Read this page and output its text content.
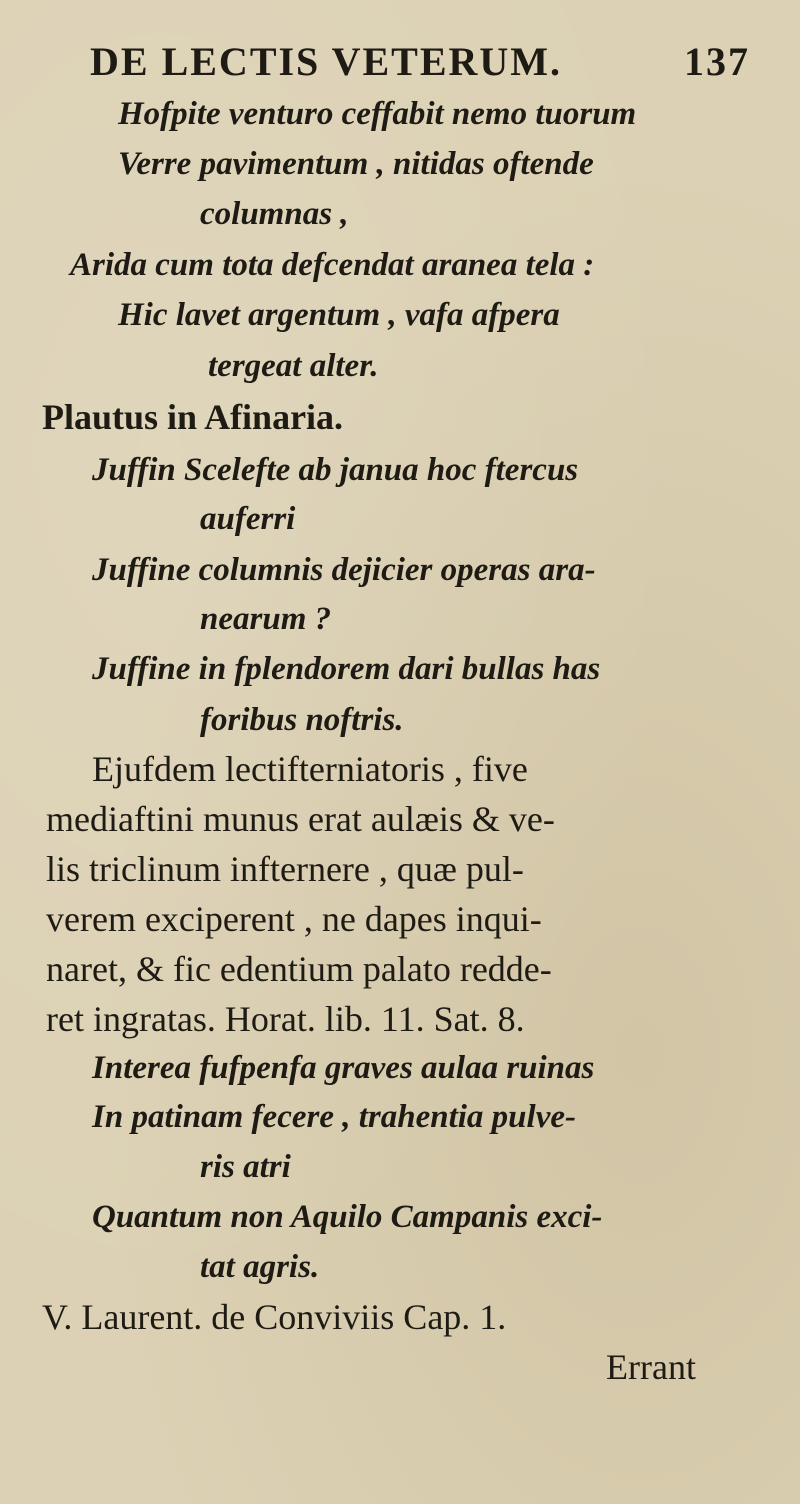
DE LECTIS VETERUM.	137
Hofpite venturo ceffabit nemo tuorum
Verre pavimentum , nitidas oftende
columnas ,
Arida cum tota defcendat aranea tela :
Hic lavet argentum , vafa afpera
tergeat alter.
Plautus in Afinaria.
Juffin Scelefte ab janua hoc ftercus
auferri
Juffine columnis dejicier operas ara-
nearum ?
Juffine in fplendorem dari bullas has
foribus noftris.
Ejufdem lectifterniatoris , five
mediaftini munus erat aulæis & ve-
lis triclinum infternere , quæ pul-
verem exciperent , ne dapes inqui-
naret, & fic edentium palato redde-
ret ingratas. Horat. lib. 11. Sat. 8.
Interea fufpenfa graves aulaa ruinas
In patinam fecere , trahentia pulve-
ris atri
Quantum non Aquilo Campanis exci-
tat agris.
V. Laurent. de Conviviis Cap. 1.
Errant
